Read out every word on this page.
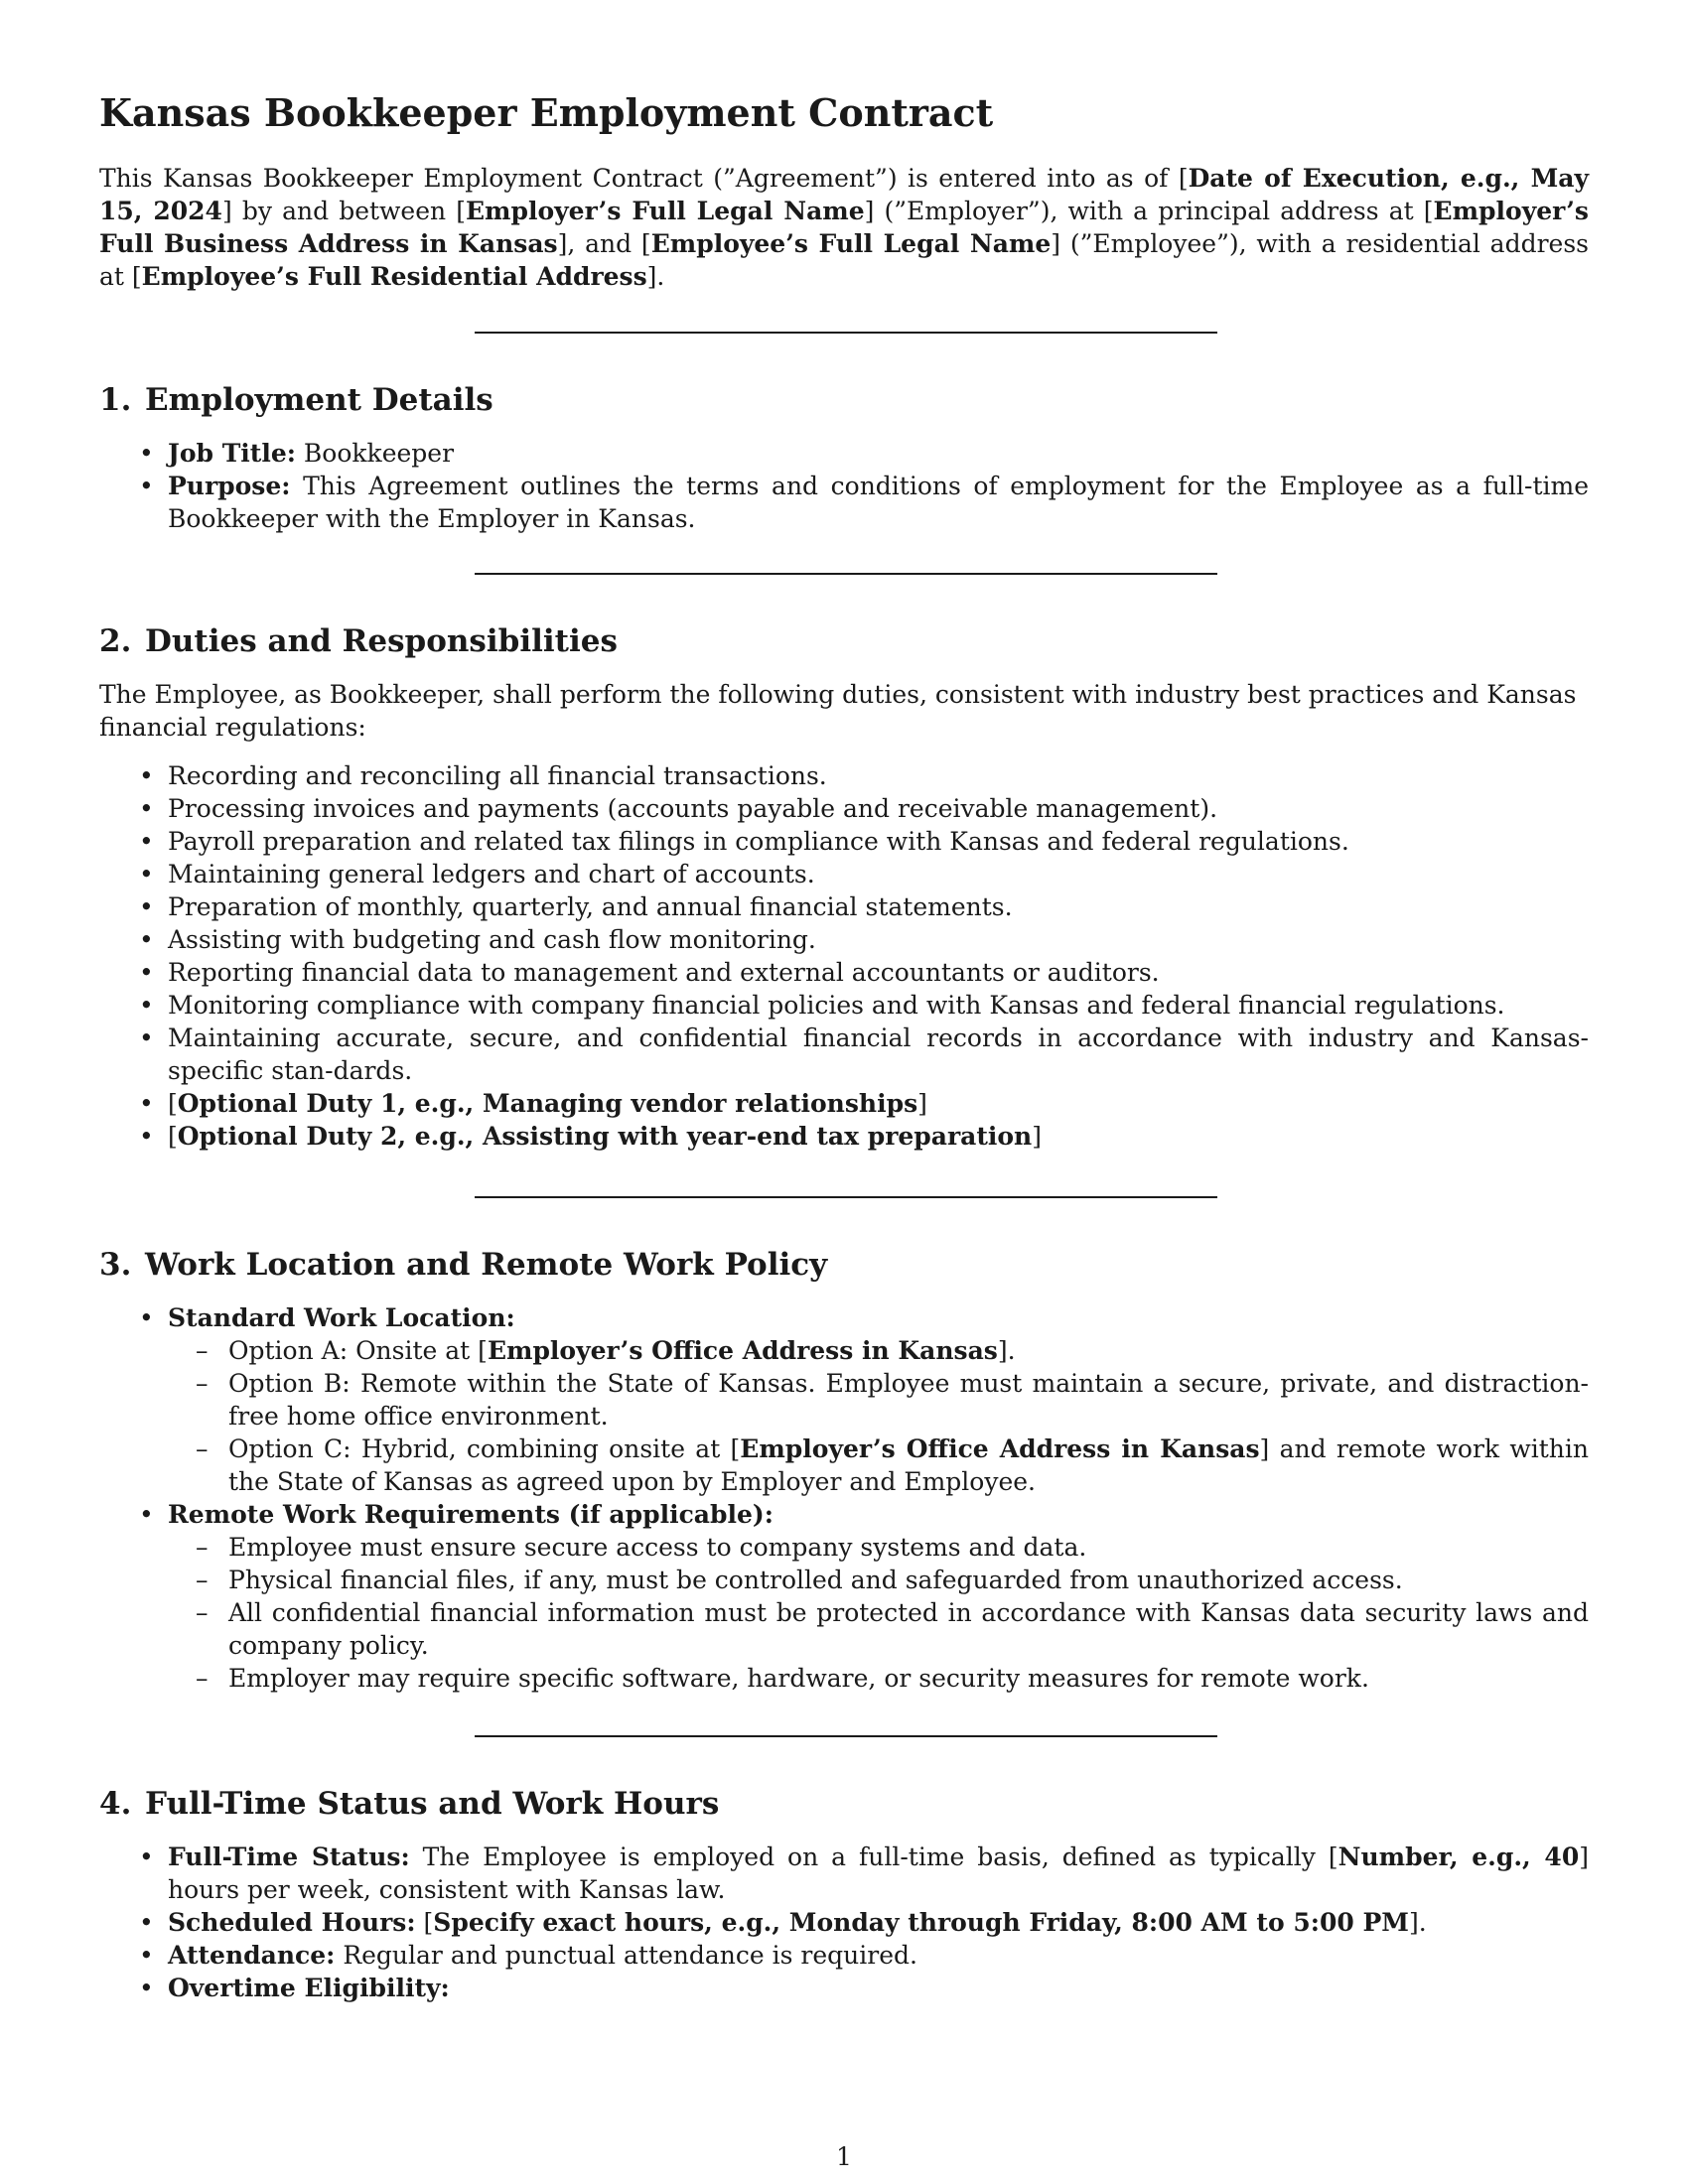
Kansas Bookkeeper Employment Contract

This Kansas Bookkeeper Employment Contract (”Agreement”) is entered into as of [Date of Execution, e.g., May 15, 2024] by and between [Employer’s Full Legal Name] (”Employer”), with a principal address at [Employer’s Full Business Address in Kansas], and [Employee’s Full Legal Name] (”Employee”), with a residential address at [Employee’s Full Residential Address].

1. Employment Details
• Job Title: Bookkeeper
• Purpose: This Agreement outlines the terms and conditions of employment for the Employee as a full-time Bookkeeper with the Employer in Kansas.
2. Duties and Responsibilities

The Employee, as Bookkeeper, shall perform the following duties, consistent with industry best practices and Kansas financial regulations:

• Recording and reconciling all financial transactions.
• Processing invoices and payments (accounts payable and receivable management).
• Payroll preparation and related tax filings in compliance with Kansas and federal regulations.
• Maintaining general ledgers and chart of accounts.
• Preparation of monthly, quarterly, and annual financial statements.
• Assisting with budgeting and cash flow monitoring.
• Reporting financial data to management and external accountants or auditors.
• Monitoring compliance with company financial policies and with Kansas and federal financial regulations.
• Maintaining accurate, secure, and confidential financial records in accordance with industry and Kansas-specific stan-dards.
• [Optional Duty 1, e.g., Managing vendor relationships]
• [Optional Duty 2, e.g., Assisting with year-end tax preparation]
3. Work Location and Remote Work Policy
• Standard Work Location:
– Option A: Onsite at [Employer’s Office Address in Kansas].
– Option B: Remote within the State of Kansas. Employee must maintain a secure, private, and distraction-free home office environment.
– Option C: Hybrid, combining onsite at [Employer’s Office Address in Kansas] and remote work within the State of Kansas as agreed upon by Employer and Employee.
• Remote Work Requirements (if applicable):
– Employee must ensure secure access to company systems and data.
– Physical financial files, if any, must be controlled and safeguarded from unauthorized access.
– All confidential financial information must be protected in accordance with Kansas data security laws and company policy.
– Employer may require specific software, hardware, or security measures for remote work.
4. Full-Time Status and Work Hours
• Full-Time Status: The Employee is employed on a full-time basis, defined as typically [Number, e.g., 40] hours per week, consistent with Kansas law.
• Scheduled Hours: [Specify exact hours, e.g., Monday through Friday, 8:00 AM to 5:00 PM].
• Attendance: Regular and punctual attendance is required.
• Overtime Eligibility:
1
